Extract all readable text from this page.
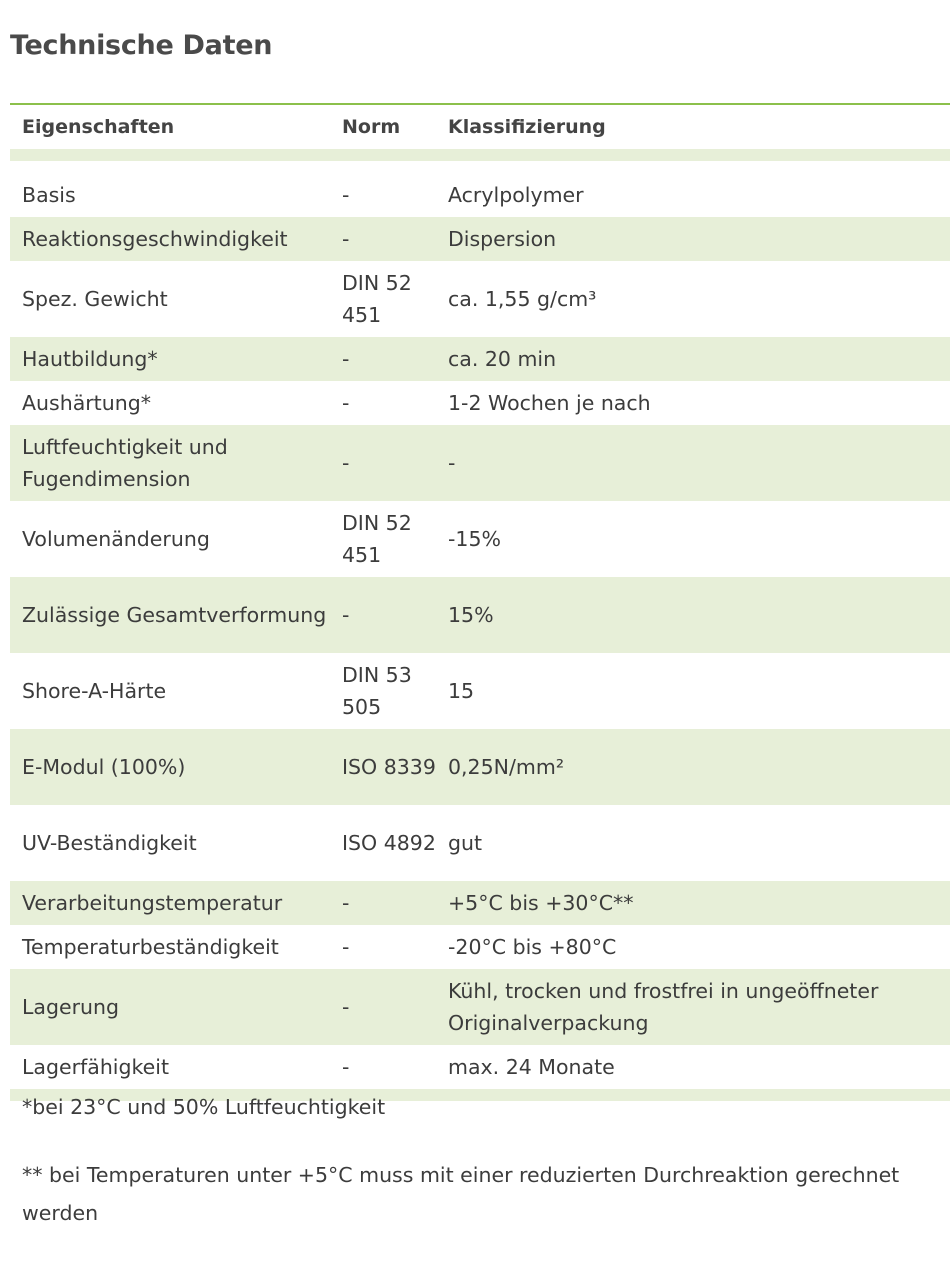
Technische Daten
Eigenschaften	Norm	Klassifizierung

Basis	-	Acrylpolymer
Reaktionsgeschwindigkeit	-	Dispersion
Spez. Gewicht	DIN 52 451	ca. 1,55 g/cm³
Hautbildung*	-	ca. 20 min
Aushärtung*	-	1-2 Wochen je nach
Luftfeuchtigkeit und Fugendimension	-	-
Volumenänderung	DIN 52 451	-15%
Zulässige Gesamtverformung	-	15%
Shore-A-Härte	DIN 53 505	15
E-Modul (100%)	ISO 8339	0,25N/mm²
UV-Beständigkeit	ISO 4892	gut
Verarbeitungstemperatur	-	+5°C bis +30°C**
Temperaturbeständigkeit	-	-20°C bis +80°C
Lagerung	-	Kühl, trocken und frostfrei in ungeöffneter Originalverpackung
Lagerfähigkeit	-	max. 24 Monate

*bei 23°C und 50% Luftfeuchtigkeit

** bei Temperaturen unter +5°C muss mit einer reduzierten Durchreaktion gerechnet werden
